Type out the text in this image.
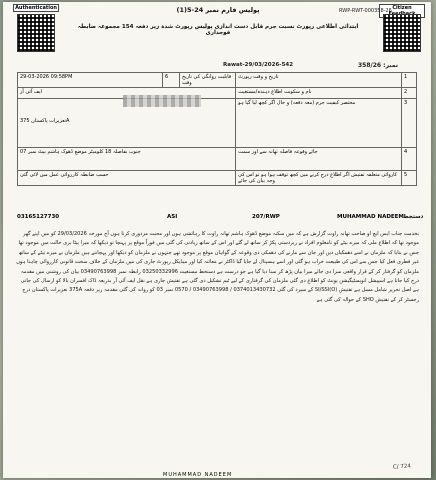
Authentication	Citizen
RWP-RWT-000358-26
پولیس فارم نمبر 24-5(1)
ابتدائی اطلاعی رپورٹ نسبت جرم قابل دست اندازی پولیس رپورٹ شدہ زیر دفعہ 154 مجموعہ ضابطہ فوجداری
نمبر: 358/26
Rawat-29/03/2026-542
29-03-2026 09:58PM	6	قابلیت روانگی کی تاریخ وقت	تاریخ و وقت رپورٹ	1
ایف آئی آر			نام و سکونت اطلاع دہندہ/مستغیث	2

تعزیرات پاکستان 375A			مختصر کیفیت جرم (معہ دفعہ) و حال اگر کچھ لیا گیا ہو	3
جنوب بفاصلہ 18 کلومیٹر موضع ڈھوک ہاشم بیٹ نمبر 07			جائے وقوعہ فاصلہ تھانہ سے اور سمت	4
حسب ضابطہ کارروائی عمل میں لائی گئی			کاروائی متعلقہ تفتیش اگر اطلاع درج کرنے میں کچھ توقف ہوا ہو تو اس کی وجہ بیان کی جائے	5
03165127730	ASI	207/RWP	MUHAMMAD NADEEM دستخط
بخدمت جناب ایس ایچ او صاحب تھانہ راوت گزارش ہے کہ میں سکنہ موضع ڈھوک ہاشم تھانہ راوت کا رہائشی ہوں اور محنت مزدوری کرتا ہوں آج مورخہ 29/03/2026 کو میں اپنے گھر موجود تھا کہ اطلاع ملی کہ میرے بیٹے کو نامعلوم افراد نے زبردستی پکڑ کر ساتھ لے گئے اور اس کے ساتھ زیادتی کی گئی میں فوراً موقع پر پہنچا تو دیکھا کہ میرا بیٹا بری حالت میں موجود تھا جس نے بتایا کہ ملزمان نے اسے دھمکیاں دیں اور جان سے مارنے کی دھمکی دی وقوعہ کے گواہان موقع پر موجود تھے جنہوں نے ملزمان کو دیکھا اور پہچانتے ہیں ملزمان نے میرے بیٹے کے ساتھ غیر فطری فعل کیا جس سے اس کی طبیعت خراب ہو گئی اور اسے ہسپتال لے جایا گیا ڈاکٹر نے معائنہ کیا اور میڈیکل رپورٹ جاری کی میں ملزمان کے خلاف سخت قانونی کارروائی چاہتا ہوں ملزمان کو گرفتار کر کے قرار واقعی سزا دی جائے میرا بیان پڑھ کر سنا دیا گیا ہے جو درست ہے دستخط مستغیث 03250332996 رابطہ نمبر 03490763998 بیان کی روشنی میں مقدمہ درج کیا جاتا ہے اسپیشل انویسٹیگیشن یونٹ کو اطلاع دی گئی ملزمان کی گرفتاری کے لیے ٹیم تشکیل دی گئی ہے تفتیش جاری ہے نقل ایف آئی آر بذریعہ ڈاک افسران بالا کو ارسال کی جاتی ہے اصل تحریر شامل مسل ہے تفتیش SI/SSI(O) کے سپرد کی گئی 0374013430732 / 03490763998 / 0570 نمبر 03 کو روانہ کی گئی مقدمہ زیر دفعہ 375A تعزیرات پاکستان درج رجسٹر کر کے تفتیش SHO کے حوالہ کی گئی ہے
C/ 724
MUHAMMAD NADEEM
